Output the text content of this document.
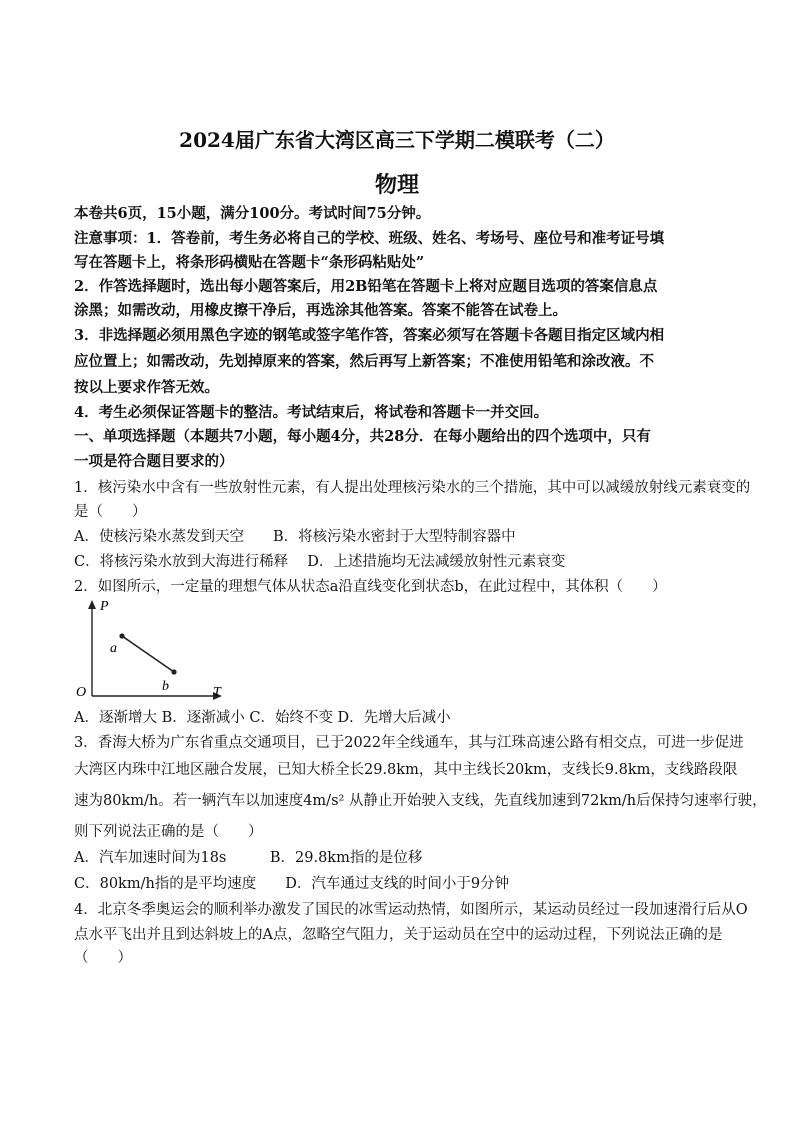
2024届广东省大湾区高三下学期二模联考（二）
物理
本卷共6页，15小题，满分100分。考试时间75分钟。
注意事项：1．答卷前，考生务必将自己的学校、班级、姓名、考场号、座位号和准考证号填
写在答题卡上，将条形码横贴在答题卡“条形码粘贴处”
2．作答选择题时，选出每小题答案后，用2B铅笔在答题卡上将对应题目选项的答案信息点
涂黑；如需改动，用橡皮擦干净后，再选涂其他答案。答案不能答在试卷上。
3．非选择题必须用黑色字迹的钢笔或签字笔作答，答案必须写在答题卡各题目指定区域内相
应位置上；如需改动，先划掉原来的答案，然后再写上新答案；不准使用铅笔和涂改液。不
按以上要求作答无效。
4．考生必须保证答题卡的整洁。考试结束后，将试卷和答题卡一并交回。
一、单项选择题（本题共7小题，每小题4分，共28分．在每小题给出的四个选项中，只有
一项是符合题目要求的）
1．核污染水中含有一些放射性元素，有人提出处理核污染水的三个措施，其中可以减缓放射线元素衰变的
是（　　）
A．使核污染水蒸发到天空　　B．将核污染水密封于大型特制容器中
C．将核污染水放到大海进行稀释　 D．上述措施均无法减缓放射性元素衰变
2．如图所示，一定量的理想气体从状态a沿直线变化到状态b，在此过程中，其体积（　　）
P
T
O
a
b
A．逐渐增大 B．逐渐减小 C．始终不变 D．先增大后减小
3．香海大桥为广东省重点交通项目，已于2022年全线通车，其与江珠高速公路有相交点，可进一步促进
大湾区内珠中江地区融合发展，已知大桥全长29.8km，其中主线长20km，支线长9.8km，支线路段限
速为80km/h。若一辆汽车以加速度4m/s² 从静止开始驶入支线，先直线加速到72km/h后保持匀速率行驶，
则下列说法正确的是（　　）
A．汽车加速时间为18s　　　B．29.8km指的是位移
C．80km/h指的是平均速度　　D．汽车通过支线的时间小于9分钟
4．北京冬季奥运会的顺利举办激发了国民的冰雪运动热情，如图所示，某运动员经过一段加速滑行后从O
点水平飞出并且到达斜坡上的A点，忽略空气阻力，关于运动员在空中的运动过程，下列说法正确的是
（　　）
